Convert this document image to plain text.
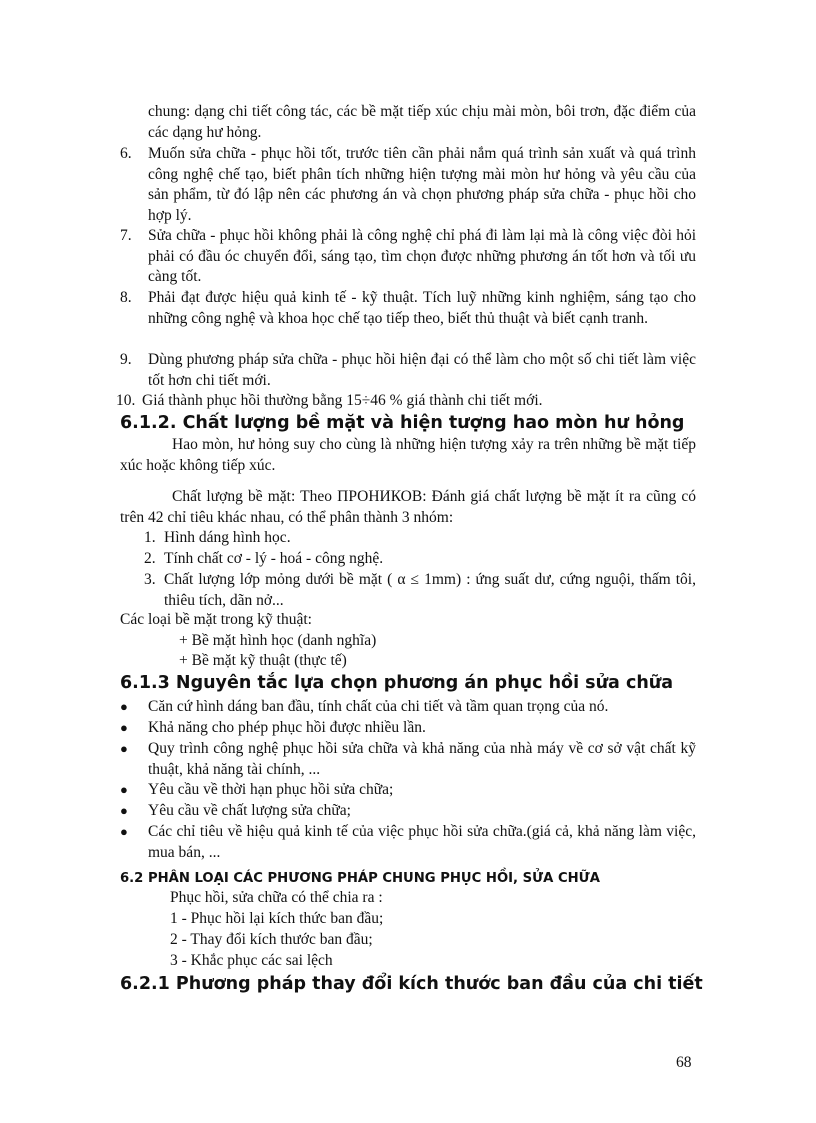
chung: dạng chi tiết công tác, các bề mặt tiếp xúc chịu mài mòn, bôi trơn, đặc điểm của các dạng hư hỏng.
6.	Muốn sửa chữa - phục hồi tốt, trước tiên cần phải nắm quá trình sản xuất và quá trình công nghệ chế tạo, biết phân tích những hiện tượng mài mòn hư hỏng và yêu cầu của sản phẩm, từ đó lập nên các phương án và chọn phương pháp sửa chữa - phục hồi cho hợp lý.
7.	Sửa chữa - phục hồi không phải là công nghệ chỉ phá đi làm lại mà là công việc đòi hỏi phải có đầu óc chuyển đổi, sáng tạo, tìm chọn được những phương án tốt hơn và tối ưu càng tốt.
8.	Phải đạt được hiệu quả kinh tế - kỹ thuật. Tích luỹ những kinh nghiệm, sáng tạo cho những công nghệ và khoa học chế tạo tiếp theo, biết thủ thuật và biết cạnh tranh.
9.	Dùng phương pháp sửa chữa - phục hồi hiện đại có thể làm cho một số chi tiết làm việc tốt hơn chi tiết mới.
10. Giá thành phục hồi thường bằng 15÷46 % giá thành chi tiết mới.
6.1.2. Chất lượng bề mặt và hiện tượng hao mòn hư hỏng
Hao mòn, hư hỏng suy cho cùng là những hiện tượng xảy ra trên những bề mặt tiếp xúc hoặc không tiếp xúc.
Chất lượng bề mặt: Theo ПРОНИКОВ: Đánh giá chất lượng bề mặt ít ra cũng có trên 42 chỉ tiêu khác nhau, có thể phân thành 3 nhóm:
1. Hình dáng hình học.
2. Tính chất cơ - lý - hoá - công nghệ.
3. Chất lượng lớp mỏng dưới bề mặt ( α ≤ 1mm) : ứng suất dư, cứng nguội, thấm tôi, thiêu tích, dãn nở...
Các loại bề mặt trong kỹ thuật:
+ Bề mặt hình học (danh nghĩa)
+ Bề mặt kỹ thuật (thực tế)
6.1.3 Nguyên tắc lựa chọn phương án phục hồi sửa chữa
●	Căn cứ hình dáng ban đầu, tính chất của chi tiết và tầm quan trọng của nó.
●	Khả năng cho phép phục hồi được nhiều lần.
●	Quy trình công nghệ phục hồi sửa chữa và khả năng của nhà máy về cơ sở vật chất kỹ thuật, khả năng tài chính, ...
●	Yêu cầu về thời hạn phục hồi sửa chữa;
●	Yêu cầu về chất lượng sửa chữa;
●	Các chỉ tiêu về hiệu quả kinh tế của việc phục hồi sửa chữa.(giá cả, khả năng làm việc, mua bán, ...
6.2 PHÂN LOẠI CÁC PHƯƠNG PHÁP CHUNG PHỤC HỒI, SỬA CHỮA
Phục hồi, sửa chữa có thể chia ra :
1 - Phục hồi lại kích thức ban đầu;
2 - Thay đổi kích thước ban đầu;
3 - Khắc phục các sai lệch
6.2.1 Phương pháp thay đổi kích thước ban đầu của chi tiết
68
